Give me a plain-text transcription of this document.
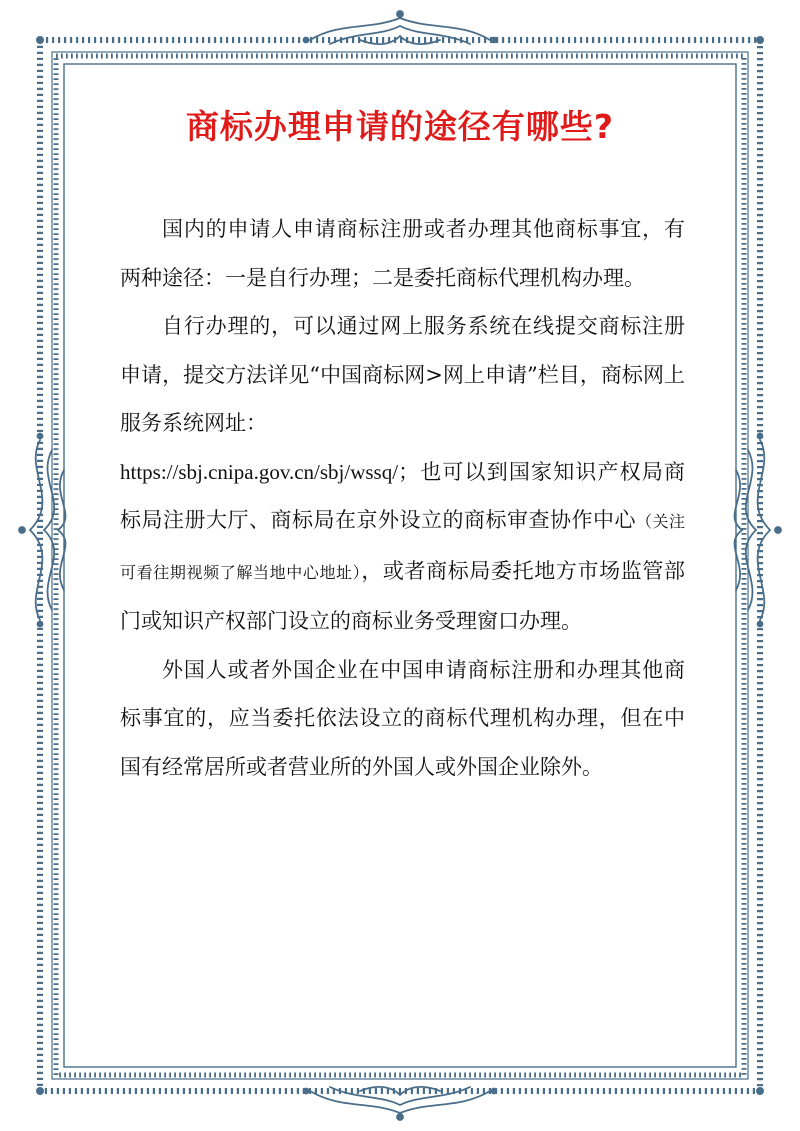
商标办理申请的途径有哪些?

国内的申请人申请商标注册或者办理其他商标事宜，有两种途径：一是自行办理；二是委托商标代理机构办理。

自行办理的，可以通过网上服务系统在线提交商标注册申请，提交方法详见“中国商标网>网上申请”栏目，商标网上服务系统网址：

https://sbj.cnipa.gov.cn/sbj/wssq/；也可以到国家知识产权局商标局注册大厅、商标局在京外设立的商标审查协作中心（关注可看往期视频了解当地中心地址），或者商标局委托地方市场监管部门或知识产权部门设立的商标业务受理窗口办理。

外国人或者外国企业在中国申请商标注册和办理其他商标事宜的，应当委托依法设立的商标代理机构办理，但在中国有经常居所或者营业所的外国人或外国企业除外。
